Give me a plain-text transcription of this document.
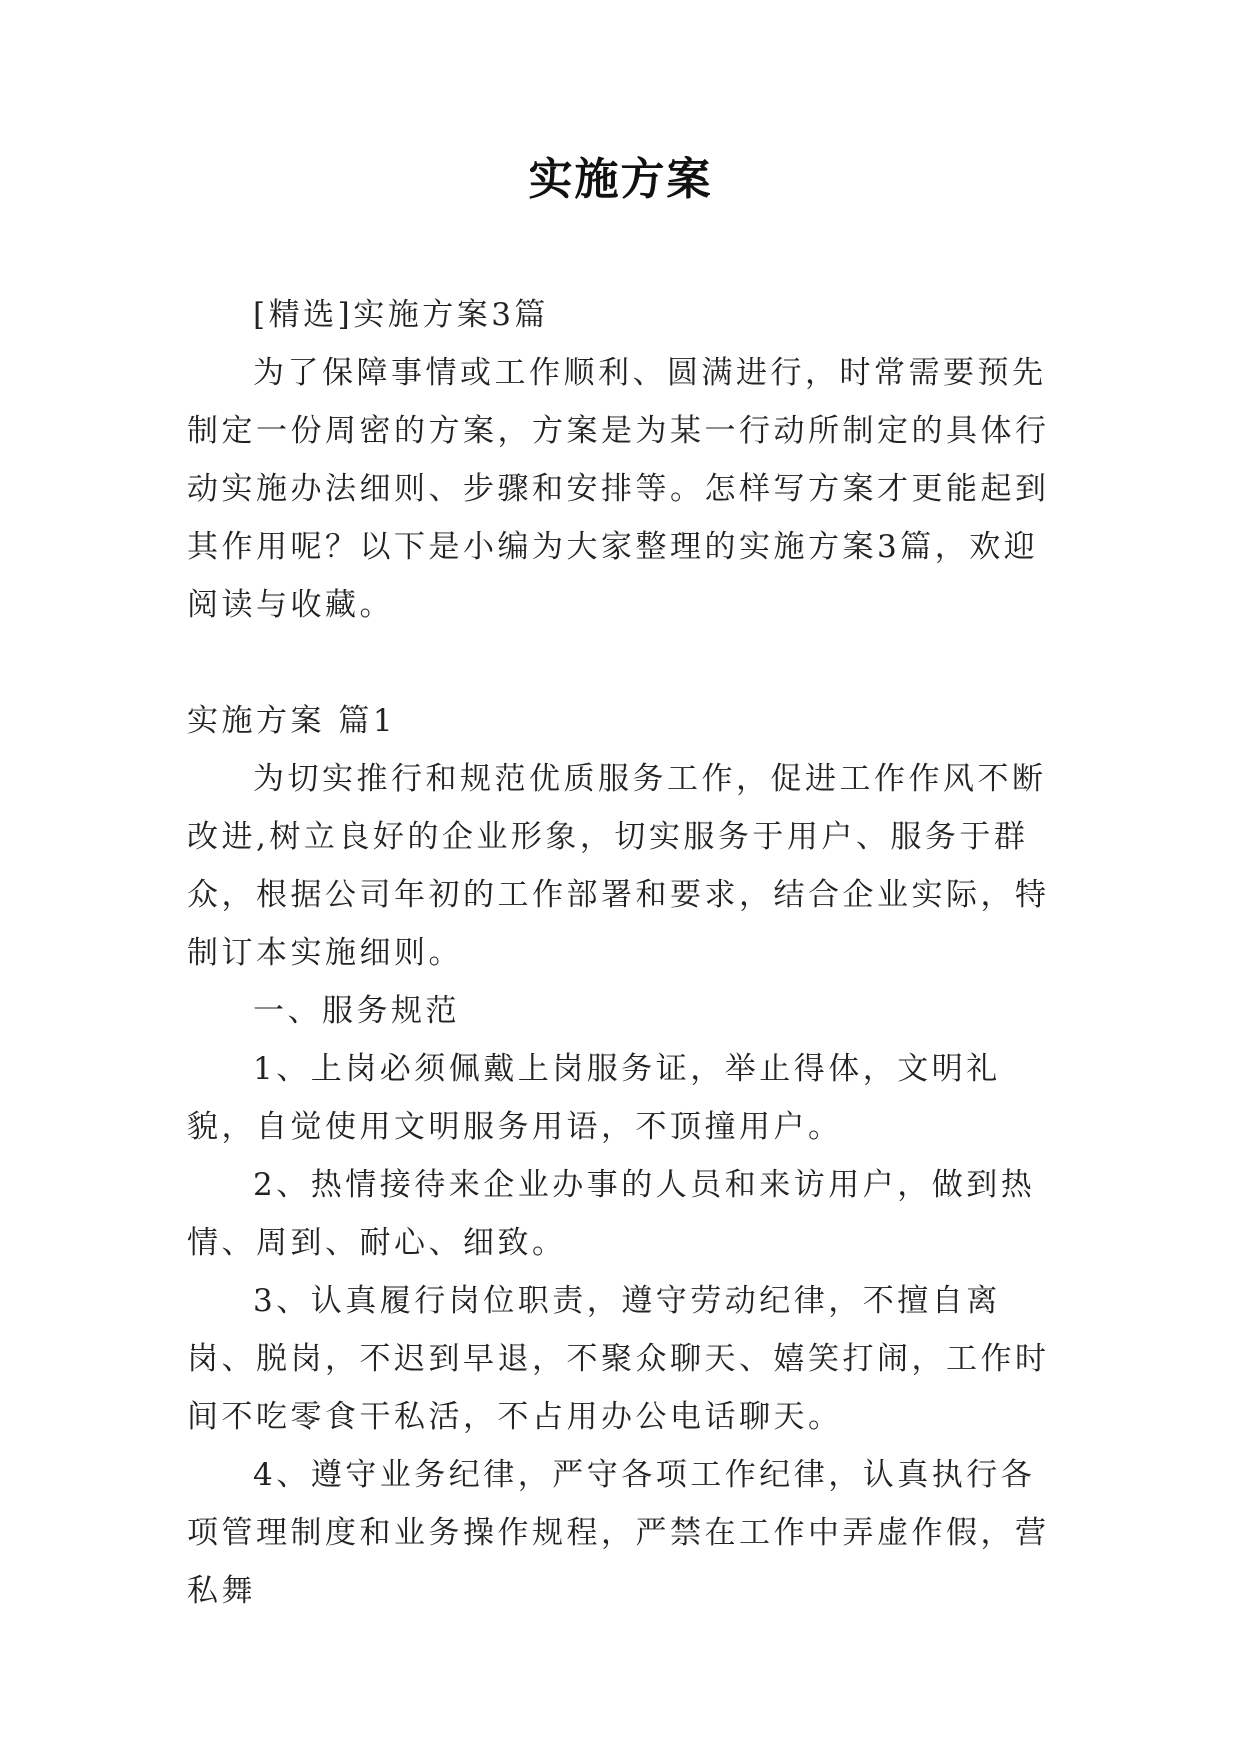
实施方案

[精选]实施方案3篇

为了保障事情或工作顺利、圆满进行，时常需要预先制定一份周密的方案，方案是为某一行动所制定的具体行动实施办法细则、步骤和安排等。怎样写方案才更能起到其作用呢？以下是小编为大家整理的实施方案3篇，欢迎阅读与收藏。

实施方案 篇1

为切实推行和规范优质服务工作，促进工作作风不断改进,树立良好的企业形象，切实服务于用户、服务于群众，根据公司年初的工作部署和要求，结合企业实际，特制订本实施细则。

一、服务规范

1、上岗必须佩戴上岗服务证，举止得体，文明礼貌，自觉使用文明服务用语，不顶撞用户。

2、热情接待来企业办事的人员和来访用户，做到热情、周到、耐心、细致。

3、认真履行岗位职责，遵守劳动纪律，不擅自离岗、脱岗，不迟到早退，不聚众聊天、嬉笑打闹，工作时间不吃零食干私活，不占用办公电话聊天。

4、遵守业务纪律，严守各项工作纪律，认真执行各项管理制度和业务操作规程，严禁在工作中弄虚作假，营私舞
